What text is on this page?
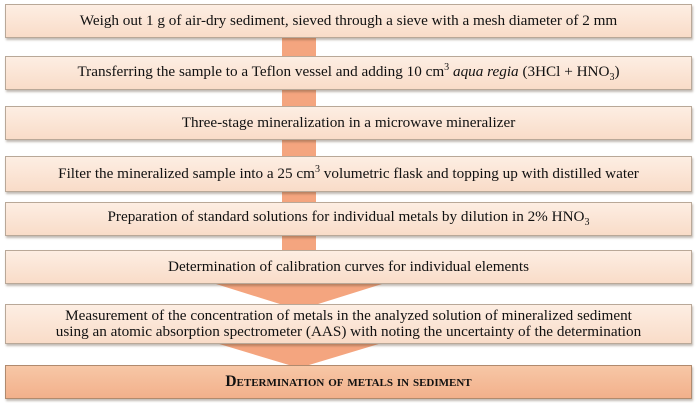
Weigh out 1 g of air-dry sediment, sieved through a sieve with a mesh diameter of 2 mm
Transferring the sample to a Teflon vessel and adding 10 $cm^3$ aqua regia $(3HCl + HNO_3)$
Three-stage mineralization in a microwave mineralizer
Filter the mineralized sample into a 25 $cm^3$ volumetric flask and topping up with distilled water
Preparation of standard solutions for individual metals by dilution in 2% $HNO_3$
Determination of calibration curves for individual elements
Measurement of the concentration of metals in the analyzed solution of mineralized sediment
using an atomic absorption spectrometer (AAS) with noting the uncertainty of the determination
Determination of metals in sediment
